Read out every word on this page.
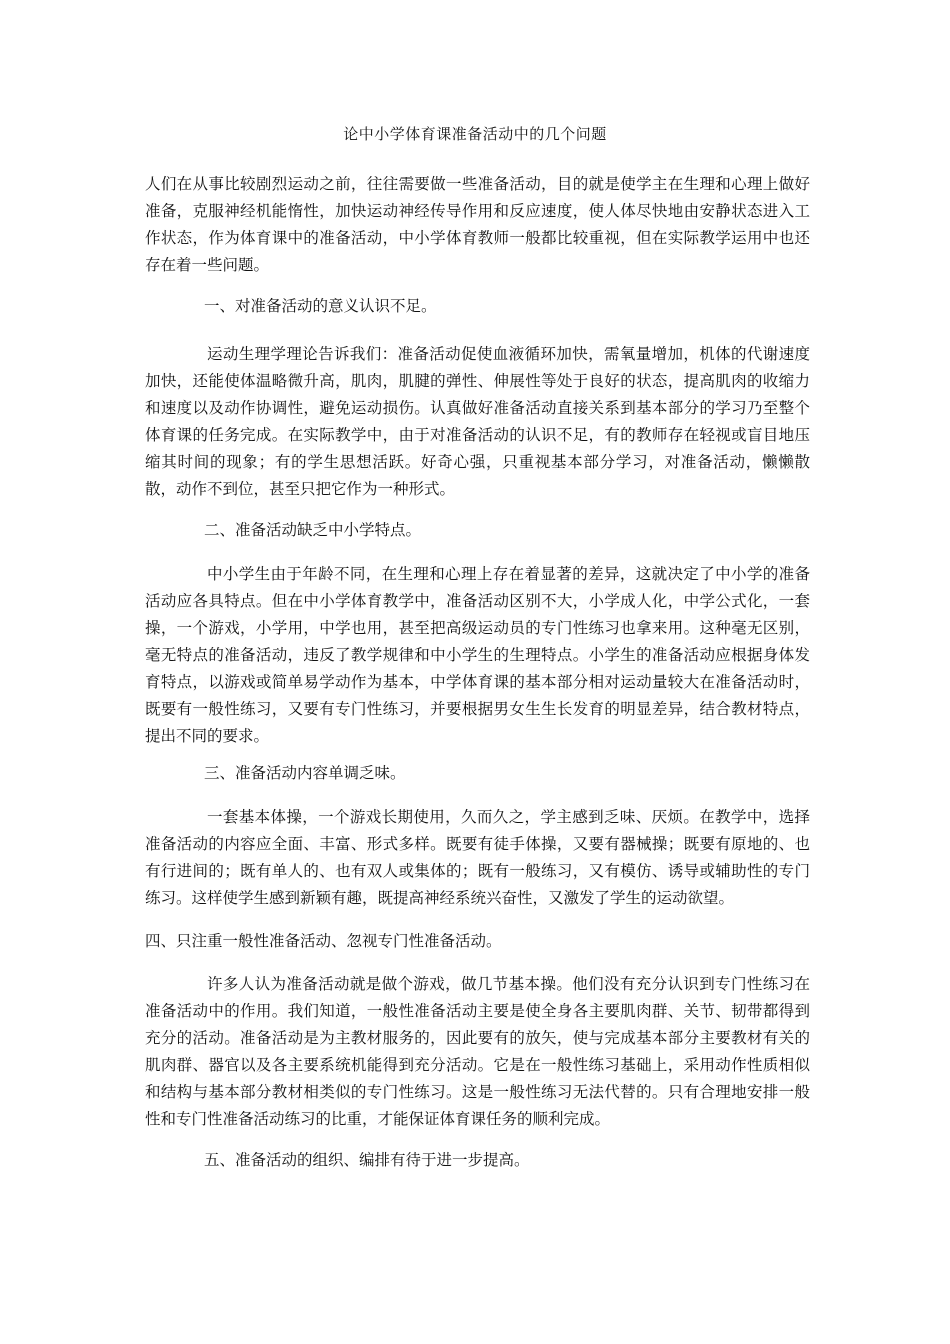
论中小学体育课准备活动中的几个问题
人们在从事比较剧烈运动之前，往往需要做一些准备活动，目的就是使学主在生理和心理上做好准备，克服神经机能惰性，加快运动神经传导作用和反应速度，使人体尽快地由安静状态进入工作状态，作为体育课中的准备活动，中小学体育教师一般都比较重视，但在实际教学运用中也还存在着一些问题。
一、对准备活动的意义认识不足。
运动生理学理论告诉我们：准备活动促使血液循环加快，需氧量增加，机体的代谢速度加快，还能使体温略微升高，肌肉，肌腱的弹性、伸展性等处于良好的状态，提高肌肉的收缩力和速度以及动作协调性，避免运动损伤。认真做好准备活动直接关系到基本部分的学习乃至整个体育课的任务完成。在实际教学中，由于对准备活动的认识不足，有的教师存在轻视或盲目地压缩其时间的现象；有的学生思想活跃。好奇心强，只重视基本部分学习，对准备活动，懒懒散散，动作不到位，甚至只把它作为一种形式。
二、准备活动缺乏中小学特点。
中小学生由于年龄不同，在生理和心理上存在着显著的差异，这就决定了中小学的准备活动应各具特点。但在中小学体育教学中，准备活动区别不大，小学成人化，中学公式化，一套操，一个游戏，小学用，中学也用，甚至把高级运动员的专门性练习也拿来用。这种毫无区别，毫无特点的准备活动，违反了教学规律和中小学生的生理特点。小学生的准备活动应根据身体发育特点，以游戏或简单易学动作为基本，中学体育课的基本部分相对运动量较大在准备活动时，既要有一般性练习，又要有专门性练习，并要根据男女生生长发育的明显差异，结合教材特点，提出不同的要求。
三、准备活动内容单调乏味。
一套基本体操，一个游戏长期使用，久而久之，学主感到乏味、厌烦。在教学中，选择准备活动的内容应全面、丰富、形式多样。既要有徒手体操，又要有器械操；既要有原地的、也有行进间的；既有单人的、也有双人或集体的；既有一般练习，又有模仿、诱导或辅助性的专门练习。这样使学生感到新颖有趣，既提高神经系统兴奋性，又激发了学生的运动欲望。
四、只注重一般性准备活动、忽视专门性准备活动。
许多人认为准备活动就是做个游戏，做几节基本操。他们没有充分认识到专门性练习在准备活动中的作用。我们知道，一般性准备活动主要是使全身各主要肌肉群、关节、韧带都得到充分的活动。准备活动是为主教材服务的，因此要有的放矢，使与完成基本部分主要教材有关的肌肉群、器官以及各主要系统机能得到充分活动。它是在一般性练习基础上，采用动作性质相似和结构与基本部分教材相类似的专门性练习。这是一般性练习无法代替的。只有合理地安排一般性和专门性准备活动练习的比重，才能保证体育课任务的顺利完成。
五、准备活动的组织、编排有待于进一步提高。
